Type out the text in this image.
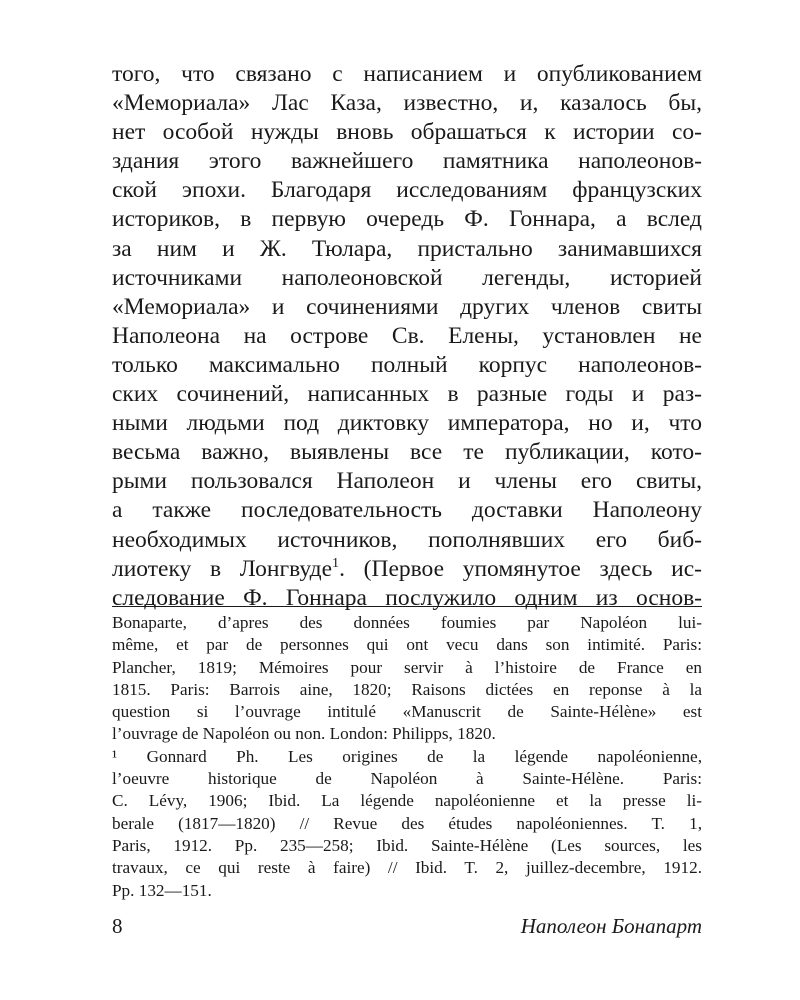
того, что связано с написанием и опубликованием
«Мемориала» Лас Каза, известно, и, казалось бы,
нет особой нужды вновь обрашаться к истории со-
здания этого важнейшего памятника наполеонов-
ской эпохи. Благодаря исследованиям французских
историков, в первую очередь Ф. Гоннара, а вслед
за ним и Ж. Тюлара, пристально занимавшихся
источниками наполеоновской легенды, историей
«Мемориала» и сочинениями других членов свиты
Наполеона на острове Св. Елены, установлен не
только максимально полный корпус наполеонов-
ских сочинений, написанных в разные годы и раз-
ными людьми под диктовку императора, но и, что
весьма важно, выявлены все те публикации, кото-
рыми пользовался Наполеон и члены его свиты,
а также последовательность доставки Наполеону
необходимых источников, пополнявших его биб-
лиотеку в Лонгвуде$^1$. (Первое упомянутое здесь ис-
следование Ф. Гоннара послужило одним из основ-
Bonaparte, d’apres des données foumies par Napoléon lui-
même, et par de personnes qui ont vecu dans son intimité. Paris:
Plancher, 1819; Mémoires pour servir à l’histoire de France en
1815. Paris: Barrois aine, 1820; Raisons dictées en reponse à la
question si l’ouvrage intitulé «Manuscrit de Sainte-Hélène» est
l’ouvrage de Napoléon ou non. London: Philipps, 1820.
¹ Gonnard Ph. Les origines de la légende napoléonienne,
l’oeuvre historique de Napoléon à Sainte-Hélène. Paris:
C. Lévy, 1906; Ibid. La légende napoléonienne et la presse li-
berale (1817—1820) // Revue des études napoléoniennes. T. 1,
Paris, 1912. Pp. 235—258; Ibid. Sainte-Hélène (Les sources, les
travaux, ce qui reste à faire) // Ibid. T. 2, juillez-decembre, 1912.
Pp. 132—151.
8	Наполеон Бонапарт
